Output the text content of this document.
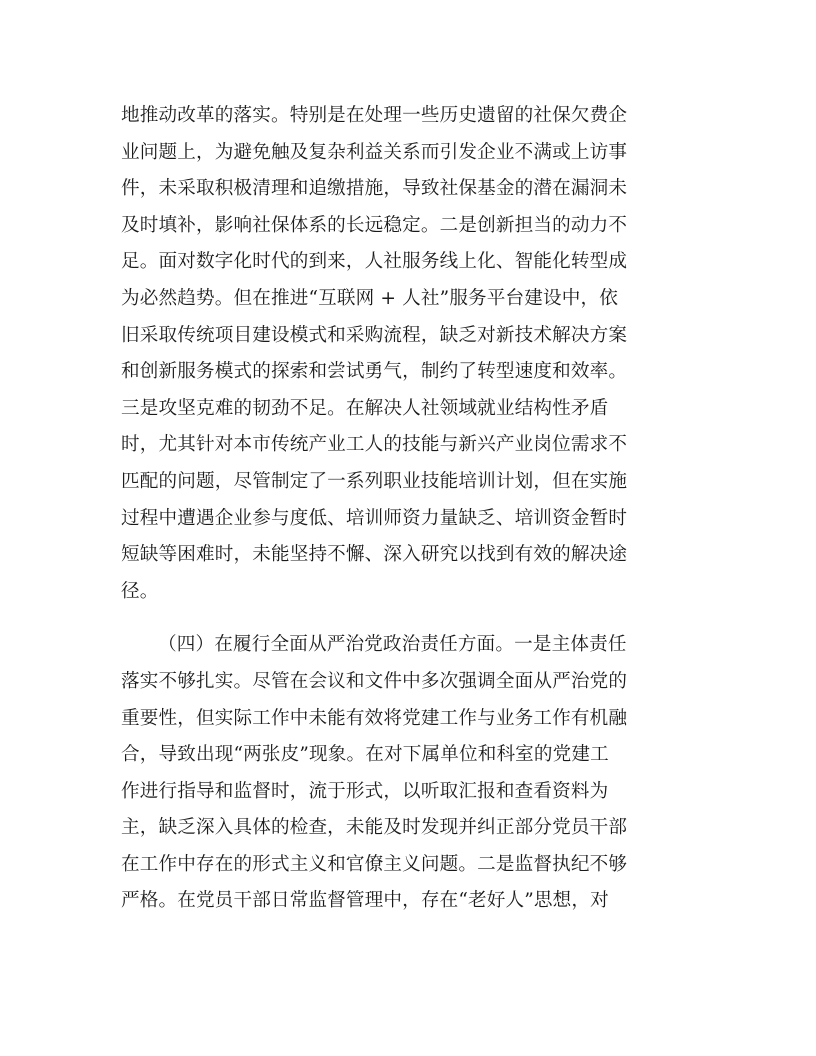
地推动改革的落实。特别是在处理一些历史遗留的社保欠费企
业问题上，为避免触及复杂利益关系而引发企业不满或上访事
件，未采取积极清理和追缴措施，导致社保基金的潜在漏洞未
及时填补，影响社保体系的长远稳定。二是创新担当的动力不
足。面对数字化时代的到来，人社服务线上化、智能化转型成
为必然趋势。但在推进“互联网 + 人社”服务平台建设中，依
旧采取传统项目建设模式和采购流程，缺乏对新技术解决方案
和创新服务模式的探索和尝试勇气，制约了转型速度和效率。
三是攻坚克难的韧劲不足。在解决人社领域就业结构性矛盾
时，尤其针对本市传统产业工人的技能与新兴产业岗位需求不
匹配的问题，尽管制定了一系列职业技能培训计划，但在实施
过程中遭遇企业参与度低、培训师资力量缺乏、培训资金暂时
短缺等困难时，未能坚持不懈、深入研究以找到有效的解决途
径。
（四）在履行全面从严治党政治责任方面。一是主体责任
落实不够扎实。尽管在会议和文件中多次强调全面从严治党的
重要性，但实际工作中未能有效将党建工作与业务工作有机融
合，导致出现“两张皮”现象。在对下属单位和科室的党建工
作进行指导和监督时，流于形式，以听取汇报和查看资料为
主，缺乏深入具体的检查，未能及时发现并纠正部分党员干部
在工作中存在的形式主义和官僚主义问题。二是监督执纪不够
严格。在党员干部日常监督管理中，存在“老好人”思想，对
